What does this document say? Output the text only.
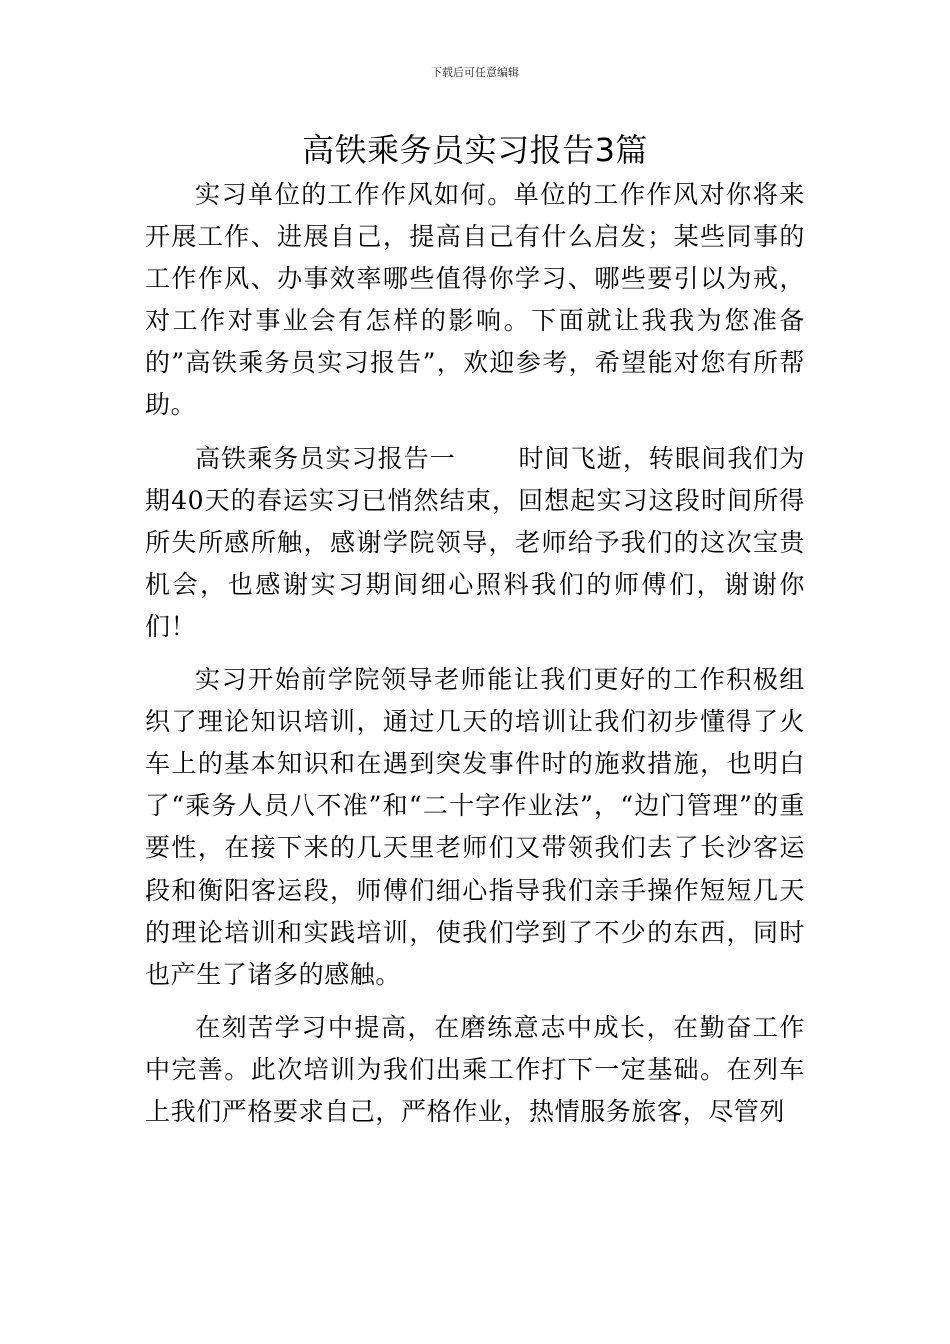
下载后可任意编辑
高铁乘务员实习报告3篇

实习单位的工作作风如何。单位的工作作风对你将来开展工作、进展自己，提高自己有什么启发；某些同事的工作作风、办事效率哪些值得你学习、哪些要引以为戒，对工作对事业会有怎样的影响。下面就让我我为您准备的”高铁乘务员实习报告”，欢迎参考，希望能对您有所帮助。

高铁乘务员实习报告一 时间飞逝，转眼间我们为期40天的春运实习已悄然结束，回想起实习这段时间所得所失所感所触，感谢学院领导，老师给予我们的这次宝贵机会，也感谢实习期间细心照料我们的师傅们，谢谢你们！

实习开始前学院领导老师能让我们更好的工作积极组织了理论知识培训，通过几天的培训让我们初步懂得了火车上的基本知识和在遇到突发事件时的施救措施，也明白了“乘务人员八不准”和“二十字作业法”，“边门管理”的重要性，在接下来的几天里老师们又带领我们去了长沙客运段和衡阳客运段，师傅们细心指导我们亲手操作短短几天的理论培训和实践培训，使我们学到了不少的东西，同时也产生了诸多的感触。

在刻苦学习中提高，在磨练意志中成长，在勤奋工作中完善。此次培训为我们出乘工作打下一定基础。在列车上我们严格要求自己，严格作业，热情服务旅客，尽管列
